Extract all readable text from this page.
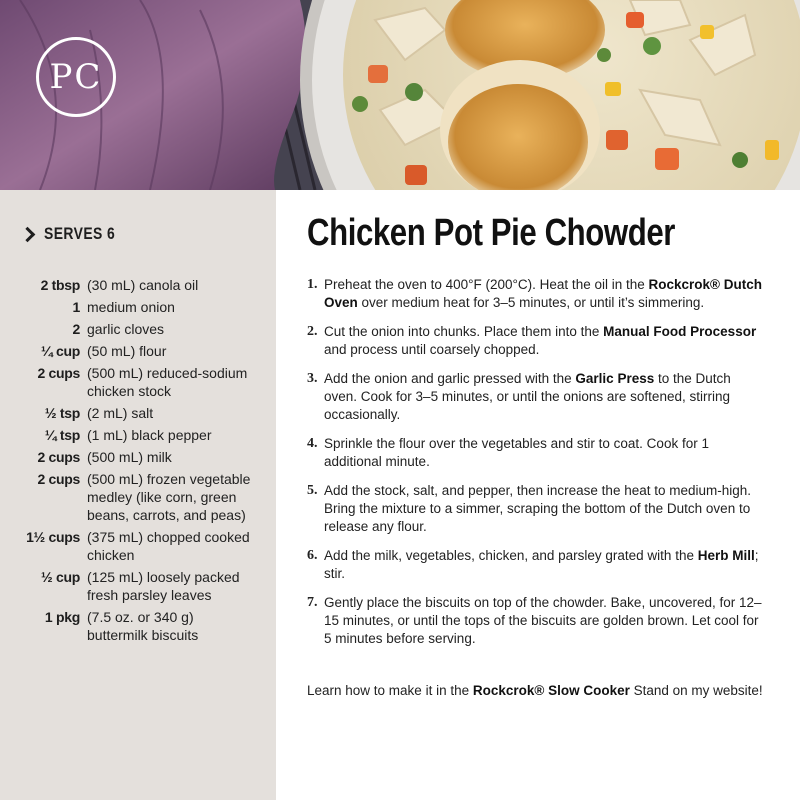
PC
SERVES 6
2 tbsp (30 mL) canola oil
1 medium onion
2 garlic cloves
¼ cup (50 mL) flour
2 cups (500 mL) reduced-sodium chicken stock
½ tsp (2 mL) salt
¼ tsp (1 mL) black pepper
2 cups (500 mL) milk
2 cups (500 mL) frozen vegetable medley (like corn, green beans, carrots, and peas)
1½ cups (375 mL) chopped cooked chicken
½ cup (125 mL) loosely packed fresh parsley leaves
1 pkg (7.5 oz. or 340 g) buttermilk biscuits
Chicken Pot Pie Chowder
1. Preheat the oven to 400°F (200°C). Heat the oil in the Rockcrok® Dutch Oven over medium heat for 3–5 minutes, or until it’s simmering.
2. Cut the onion into chunks. Place them into the Manual Food Processor and process until coarsely chopped.
3. Add the onion and garlic pressed with the Garlic Press to the Dutch oven. Cook for 3–5 minutes, or until the onions are softened, stirring occasionally.
4. Sprinkle the flour over the vegetables and stir to coat. Cook for 1 additional minute.
5. Add the stock, salt, and pepper, then increase the heat to medium-high. Bring the mixture to a simmer, scraping the bottom of the Dutch oven to release any flour.
6. Add the milk, vegetables, chicken, and parsley grated with the Herb Mill; stir.
7. Gently place the biscuits on top of the chowder. Bake, uncovered, for 12–15 minutes, or until the tops of the biscuits are golden brown. Let cool for 5 minutes before serving.

Learn how to make it in the Rockcrok® Slow Cooker Stand on my website!
